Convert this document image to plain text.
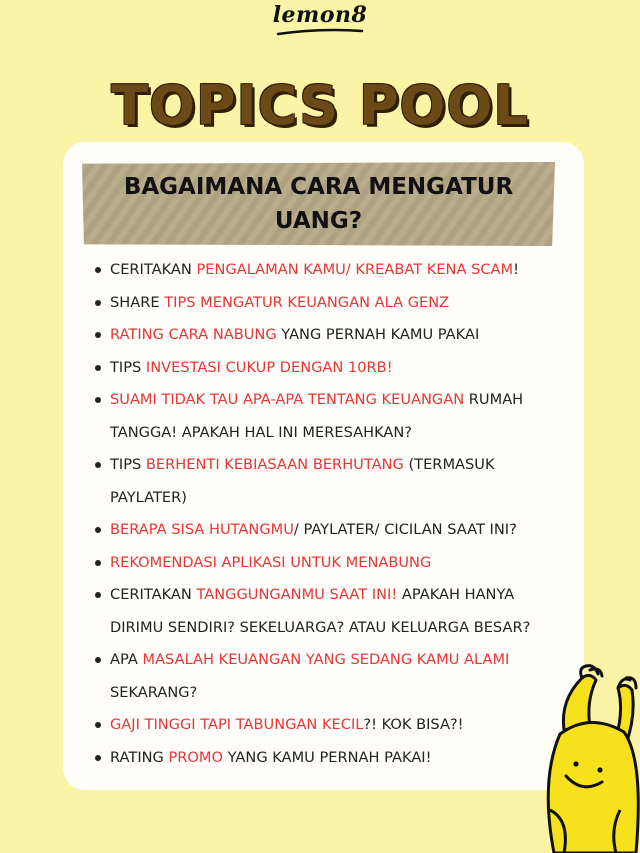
lemon8
TOPICS POOL
BAGAIMANA CARA MENGATUR
UANG?
CERITAKAN PENGALAMAN KAMU/ KREABAT KENA SCAM!
SHARE TIPS MENGATUR KEUANGAN ALA GENZ
RATING CARA NABUNG YANG PERNAH KAMU PAKAI
TIPS INVESTASI CUKUP DENGAN 10RB!
SUAMI TIDAK TAU APA-APA TENTANG KEUANGAN RUMAH TANGGA! APAKAH HAL INI MERESAHKAN?
TIPS BERHENTI KEBIASAAN BERHUTANG (TERMASUK PAYLATER)
BERAPA SISA HUTANGMU/ PAYLATER/ CICILAN SAAT INI?
REKOMENDASI APLIKASI UNTUK MENABUNG
CERITAKAN TANGGUNGANMU SAAT INI! APAKAH HANYA DIRIMU SENDIRI? SEKELUARGA? ATAU KELUARGA BESAR?
APA MASALAH KEUANGAN YANG SEDANG KAMU ALAMI SEKARANG?
GAJI TINGGI TAPI TABUNGAN KECIL?! KOK BISA?!
RATING PROMO YANG KAMU PERNAH PAKAI!
